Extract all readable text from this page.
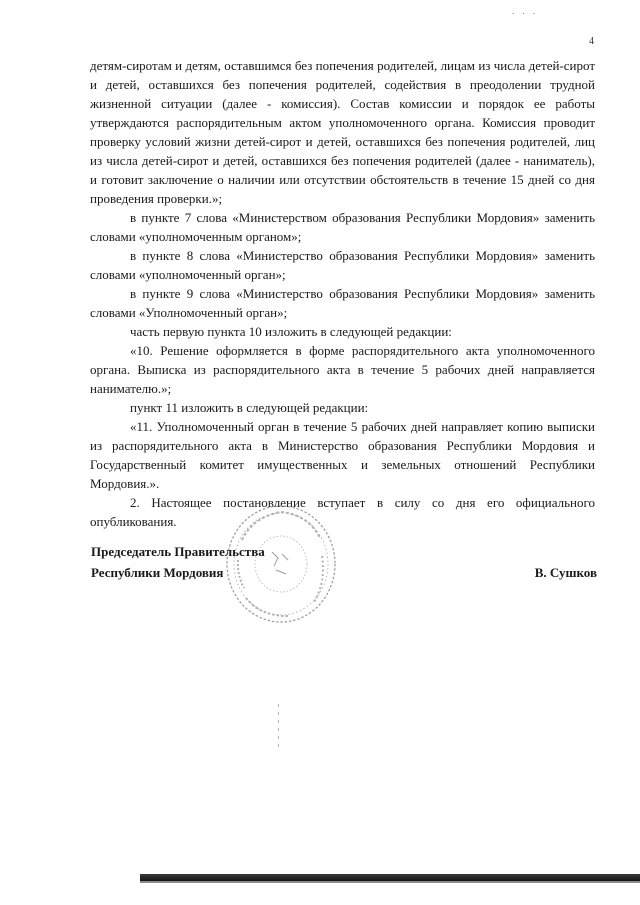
. . .
4

детям-сиротам и детям, оставшимся без попечения родителей, лицам из числа детей-сирот и детей, оставшихся без попечения родителей, содействия в преодолении трудной жизненной ситуации (далее - комиссия). Состав комиссии и порядок ее работы утверждаются распорядительным актом уполномоченного органа. Комиссия проводит проверку условий жизни детей-сирот и детей, оставшихся без попечения родителей, лиц из числа детей-сирот и детей, оставшихся без попечения родителей (далее - наниматель), и готовит заключение о наличии или отсутствии обстоятельств в течение 15 дней со дня проведения проверки.»;

в пункте 7 слова «Министерством образования Республики Мордовия» заменить словами «уполномоченным органом»;

в пункте 8 слова «Министерство образования Республики Мордовия» заменить словами «уполномоченный орган»;

в пункте 9 слова «Министерство образования Республики Мордовия» заменить словами «Уполномоченный орган»;

часть первую пункта 10 изложить в следующей редакции:

«10. Решение оформляется в форме распорядительного акта уполномоченного органа. Выписка из распорядительного акта в течение 5 рабочих дней направляется нанимателю.»;

пункт 11 изложить в следующей редакции:

«11. Уполномоченный орган в течение 5 рабочих дней направляет копию выписки из распорядительного акта в Министерство образования Республики Мордовия и Государственный комитет имущественных и земельных отношений Республики Мордовия.».

2. Настоящее постановление вступает в силу со дня его официального опубликования.

Председатель Правительства
Республики Мордовия	В. Сушков
